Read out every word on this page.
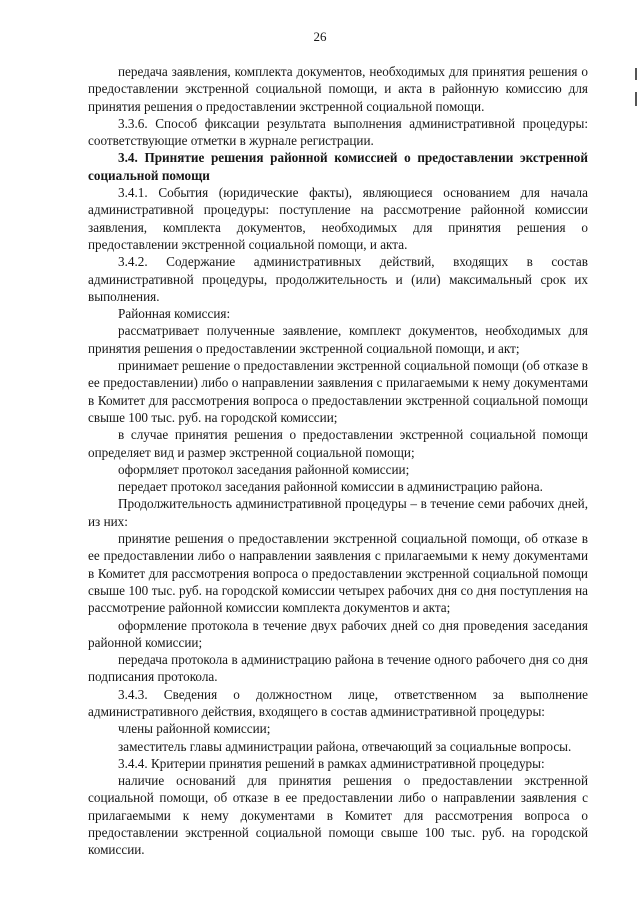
26

передача заявления, комплекта документов, необходимых для принятия решения о предоставлении экстренной социальной помощи, и акта в районную комиссию для принятия решения о предоставлении экстренной социальной помощи.

3.3.6. Способ фиксации результата выполнения административной процедуры: соответствующие отметки в журнале регистрации.

3.4. Принятие решения районной комиссией о предоставлении экстренной социальной помощи

3.4.1. События (юридические факты), являющиеся основанием для начала административной процедуры: поступление на рассмотрение районной комиссии заявления, комплекта документов, необходимых для принятия решения о предоставлении экстренной социальной помощи, и акта.

3.4.2. Содержание административных действий, входящих в состав административной процедуры, продолжительность и (или) максимальный срок их выполнения.

Районная комиссия:

рассматривает полученные заявление, комплект документов, необходимых для принятия решения о предоставлении экстренной социальной помощи, и акт;

принимает решение о предоставлении экстренной социальной помощи (об отказе в ее предоставлении) либо о направлении заявления с прилагаемыми к нему документами в Комитет для рассмотрения вопроса о предоставлении экстренной социальной помощи свыше 100 тыс. руб. на городской комиссии;

в случае принятия решения о предоставлении экстренной социальной помощи определяет вид и размер экстренной социальной помощи;

оформляет протокол заседания районной комиссии;

передает протокол заседания районной комиссии в администрацию района.

Продолжительность административной процедуры – в течение семи рабочих дней, из них:

принятие решения о предоставлении экстренной социальной помощи, об отказе в ее предоставлении либо о направлении заявления с прилагаемыми к нему документами в Комитет для рассмотрения вопроса о предоставлении экстренной социальной помощи свыше 100 тыс. руб. на городской комиссии четырех рабочих дня со дня поступления на рассмотрение районной комиссии комплекта документов и акта;

оформление протокола в течение двух рабочих дней со дня проведения заседания районной комиссии;

передача протокола в администрацию района в течение одного рабочего дня со дня подписания протокола.

3.4.3. Сведения о должностном лице, ответственном за выполнение административного действия, входящего в состав административной процедуры:

члены районной комиссии;

заместитель главы администрации района, отвечающий за социальные вопросы.

3.4.4. Критерии принятия решений в рамках административной процедуры:

наличие оснований для принятия решения о предоставлении экстренной социальной помощи, об отказе в ее предоставлении либо о направлении заявления с прилагаемыми к нему документами в Комитет для рассмотрения вопроса о предоставлении экстренной социальной помощи свыше 100 тыс. руб. на городской комиссии.
